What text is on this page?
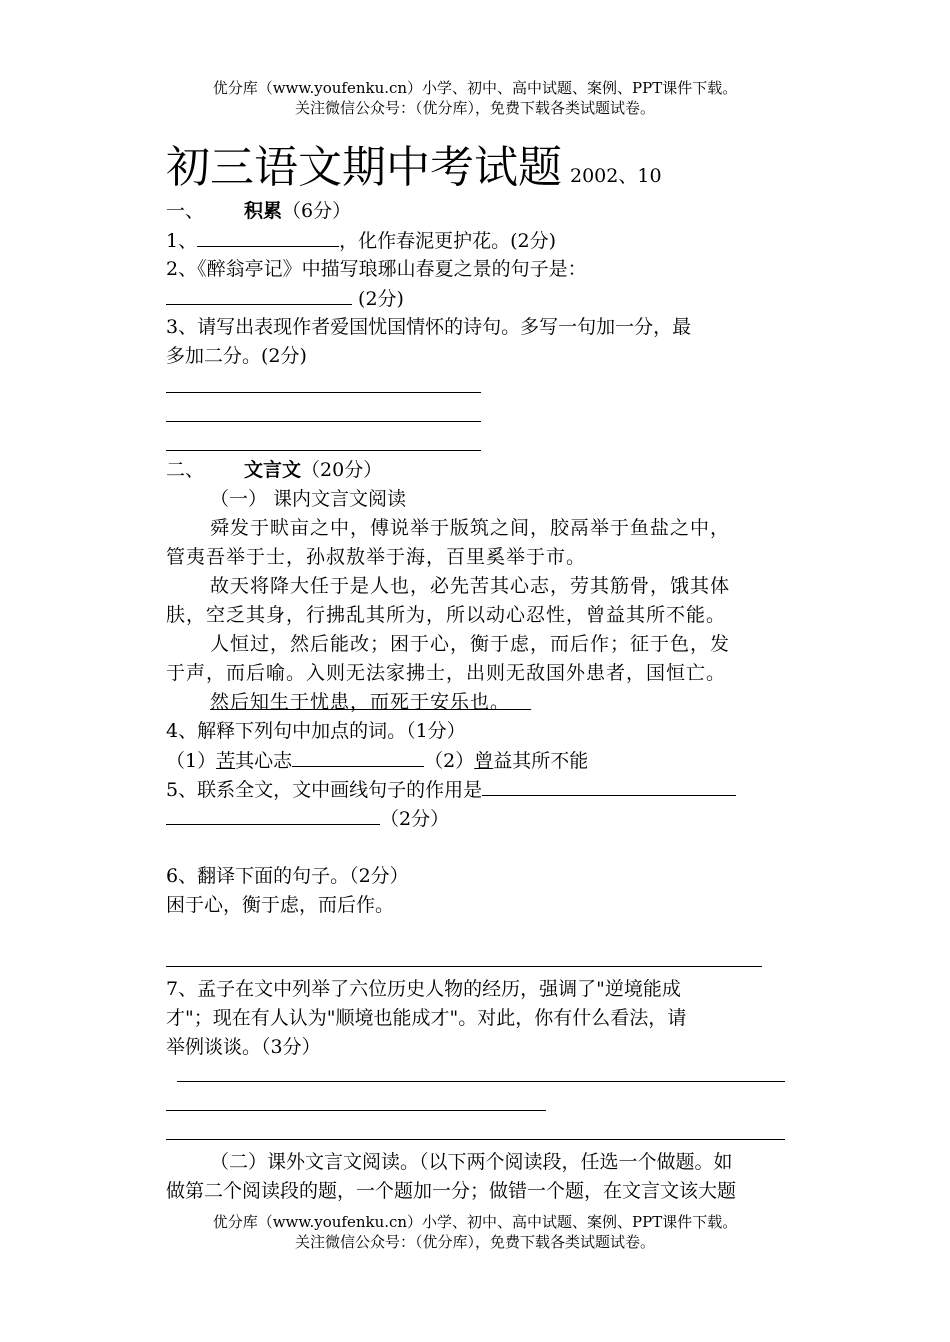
优分库（www.youfenku.cn）小学、初中、高中试题、案例、PPT课件下载。
关注微信公众号：（优分库），免费下载各类试题试卷。
初三语文期中考试题 2002、10
一、 积累（6分）
1、	，化作春泥更护花。(2分)
2、《醉翁亭记》中描写琅琊山春夏之景的句子是：
(2分)
3、请写出表现作者爱国忧国情怀的诗句。多写一句加一分，最
多加二分。(2分)
二、 文言文（20分）
（一） 课内文言文阅读
舜发于畎亩之中，傅说举于版筑之间，胶鬲举于鱼盐之中，
管夷吾举于士，孙叔敖举于海，百里奚举于市。
故天将降大任于是人也，必先苦其心志，劳其筋骨，饿其体
肤，空乏其身，行拂乱其所为，所以动心忍性，曾益其所不能。
人恒过，然后能改；困于心，衡于虑，而后作；征于色，发
于声，而后喻。入则无法家拂士，出则无敌国外患者，国恒亡。
然后知生于忧患，而死于安乐也。
4、解释下列句中加点的词。（1分）
（1）苦其心志	（2）曾益其所不能
5、联系全文，文中画线句子的作用是
（2分）
6、翻译下面的句子。（2分）
困于心，衡于虑，而后作。
7、孟子在文中列举了六位历史人物的经历，强调了"逆境能成
才"；现在有人认为"顺境也能成才"。对此，你有什么看法，请
举例谈谈。（3分）
（二）课外文言文阅读。（以下两个阅读段，任选一个做题。如
做第二个阅读段的题，一个题加一分；做错一个题，在文言文该大题
优分库（www.youfenku.cn）小学、初中、高中试题、案例、PPT课件下载。
关注微信公众号：（优分库），免费下载各类试题试卷。
